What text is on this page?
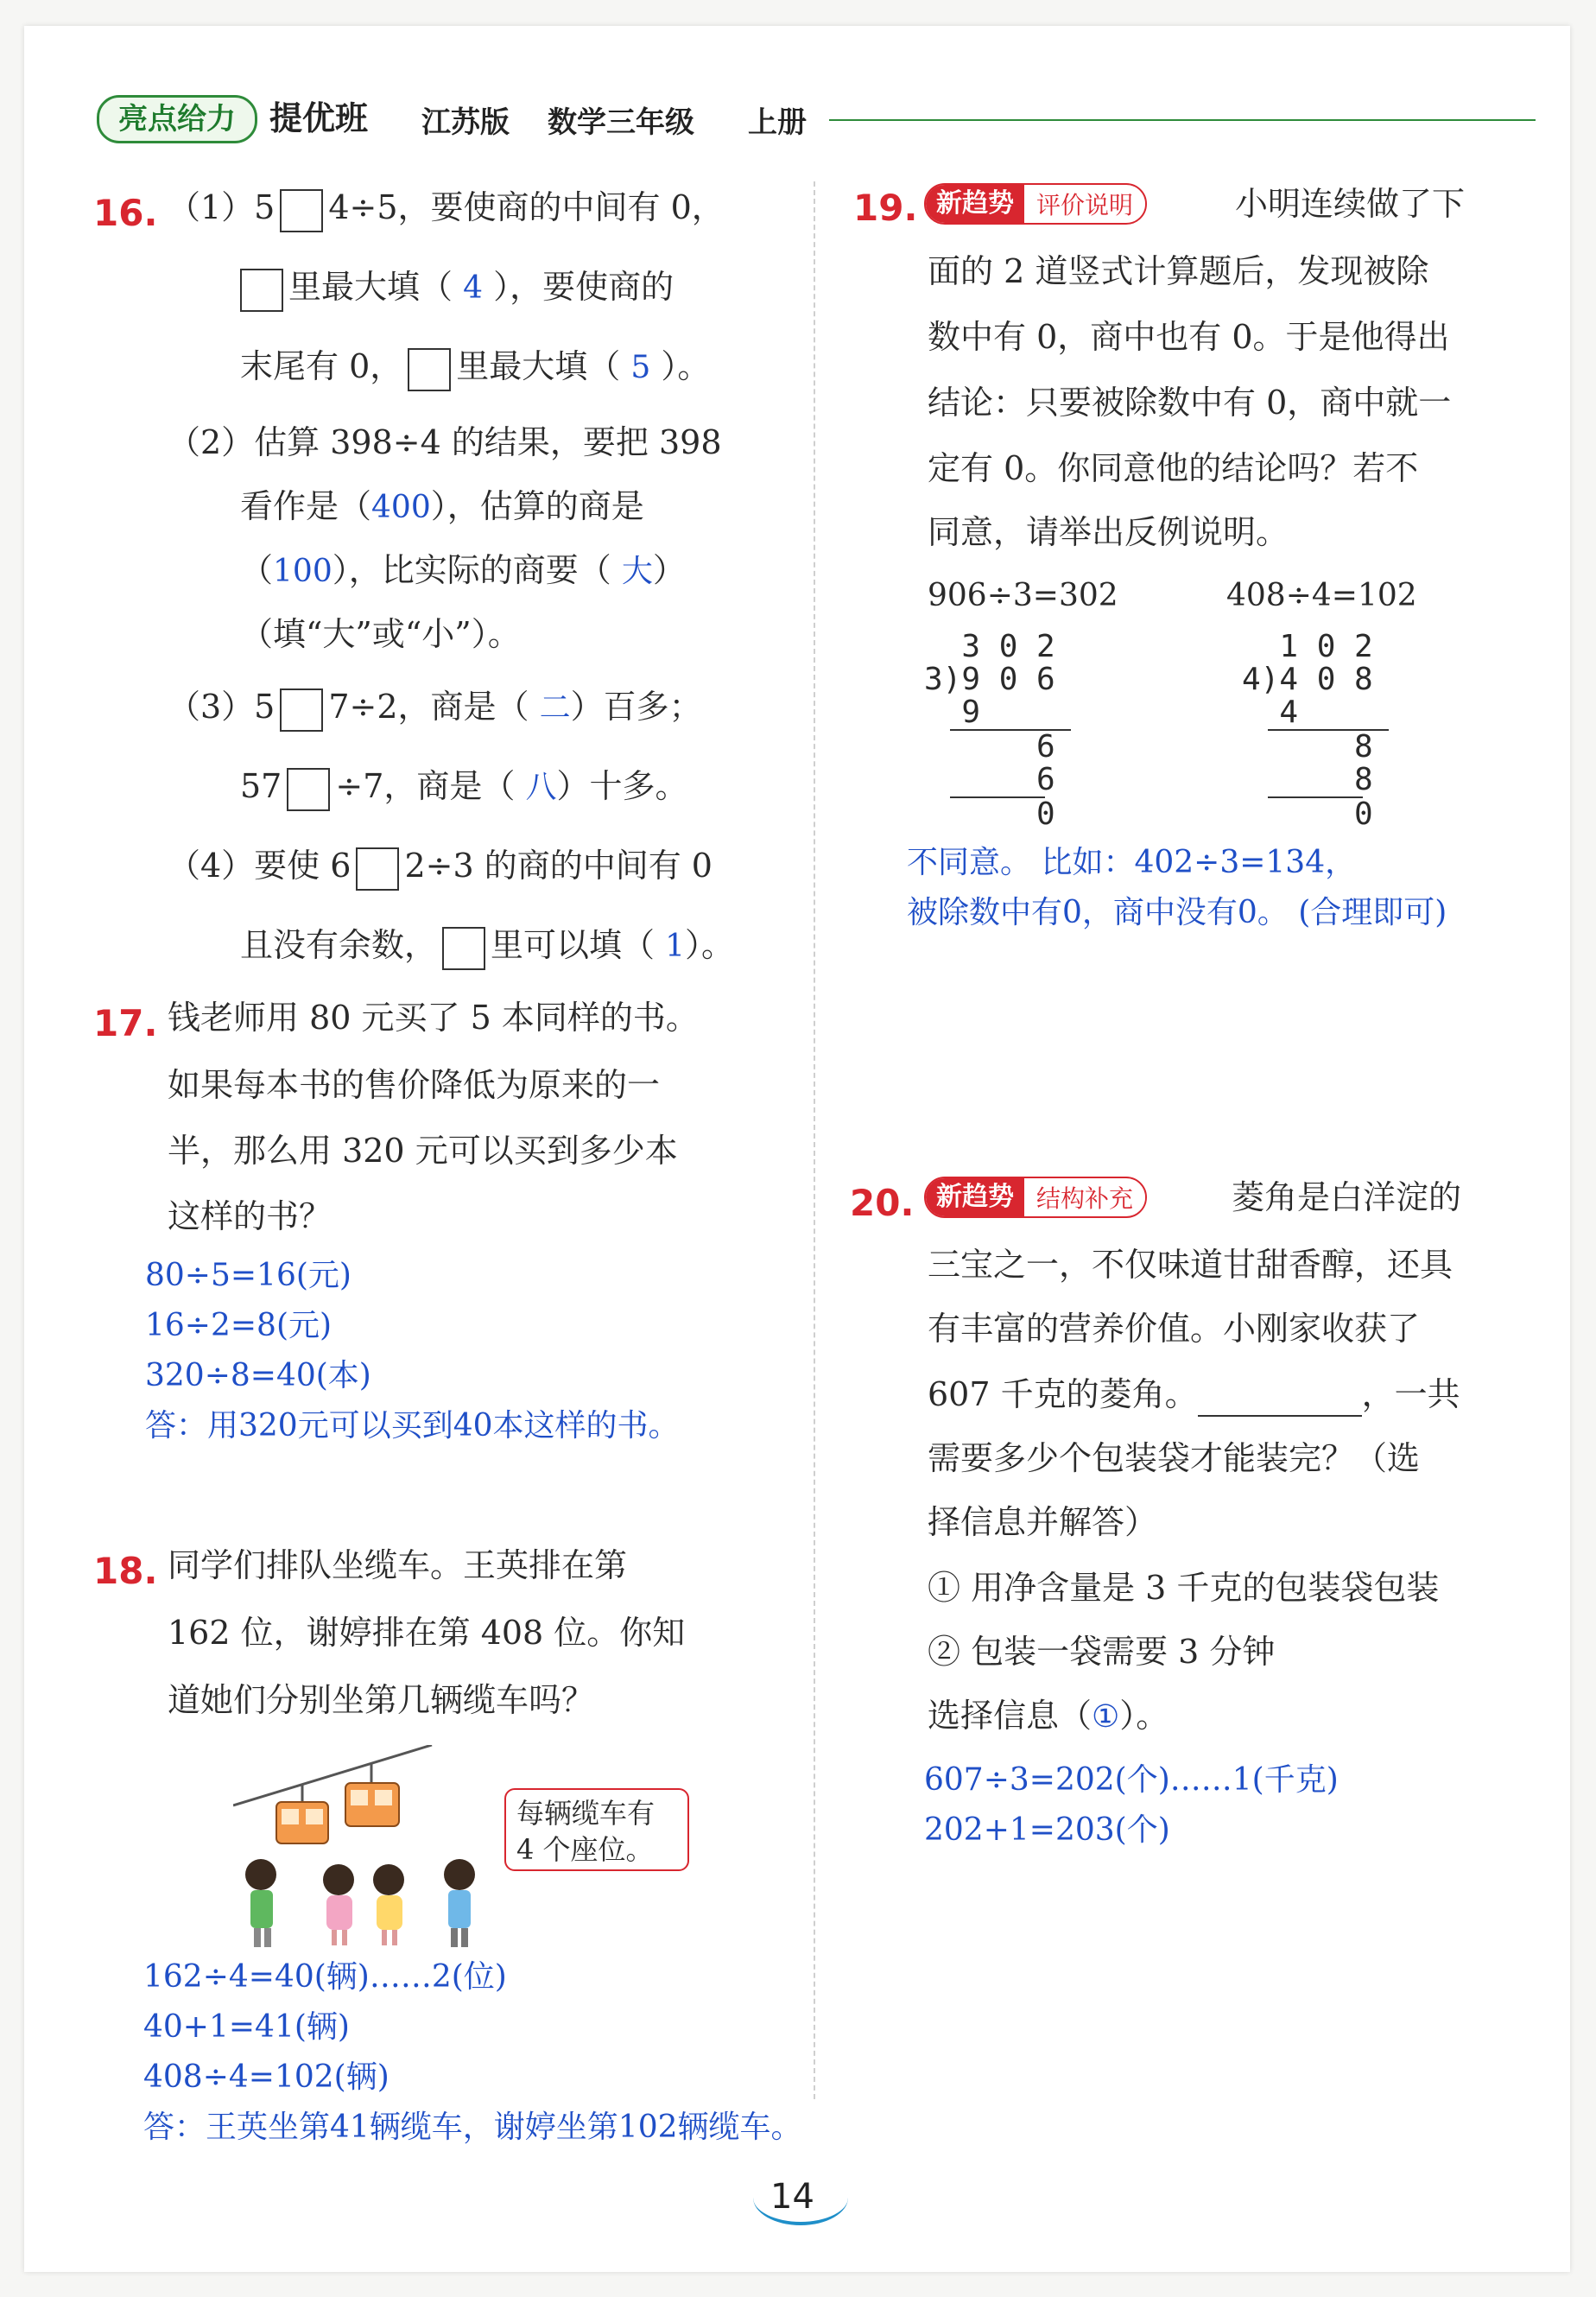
亮点给力	提优班 江苏版 数学三年级 上册
16. （1）5 4÷5，要使商的中间有 0，
里最大填（ 4 ），要使商的
末尾有 0， 里最大填（ 5 ）。
（2）估算 398÷4 的结果，要把 398
看作是（400），估算的商是
（100），比实际的商要（ 大）
（填“大”或“小”）。
（3）5 7÷2，商是（ 二）百多；
57 ÷7，商是（ 八）十多。
（4）要使 6 2÷3 的商的中间有 0
且没有余数， 里可以填（ 1）。
17. 钱老师用 80 元买了 5 本同样的书。
如果每本书的售价降低为原来的一
半，那么用 320 元可以买到多少本
这样的书？
80÷5=16(元)
16÷2=8(元)
320÷8=40(本)
答：用320元可以买到40本这样的书。
18. 同学们排队坐缆车。王英排在第
162 位，谢婷排在第 408 位。你知
道她们分别坐第几辆缆车吗？
每辆缆车有
4 个座位。
162÷4=40(辆)……2(位)
40+1=41(辆)
408÷4=102(辆)
答：王英坐第41辆缆车，谢婷坐第102辆缆车。
19. 新趋势 评价说明	小明连续做了下
面的 2 道竖式计算题后，发现被除
数中有 0，商中也有 0。于是他得出
结论：只要被除数中有 0，商中就一
定有 0。你同意他的结论吗？若不
同意，请举出反例说明。
906÷3=302	408÷4=102
3 0 2
3)9 0 6
9
6
6
0
1 0 2
4)4 0 8
4
8
8
0
不同意。 比如：402÷3=134，
被除数中有0，商中没有0。 (合理即可)
20. 新趋势 结构补充	菱角是白洋淀的
三宝之一，不仅味道甘甜香醇，还具
有丰富的营养价值。小刚家收获了
607 千克的菱角。	，一共
需要多少个包装袋才能装完？（选
择信息并解答）
① 用净含量是 3 千克的包装袋包装
② 包装一袋需要 3 分钟
选择信息（①）。
607÷3=202(个)……1(千克)
202+1=203(个)
14
